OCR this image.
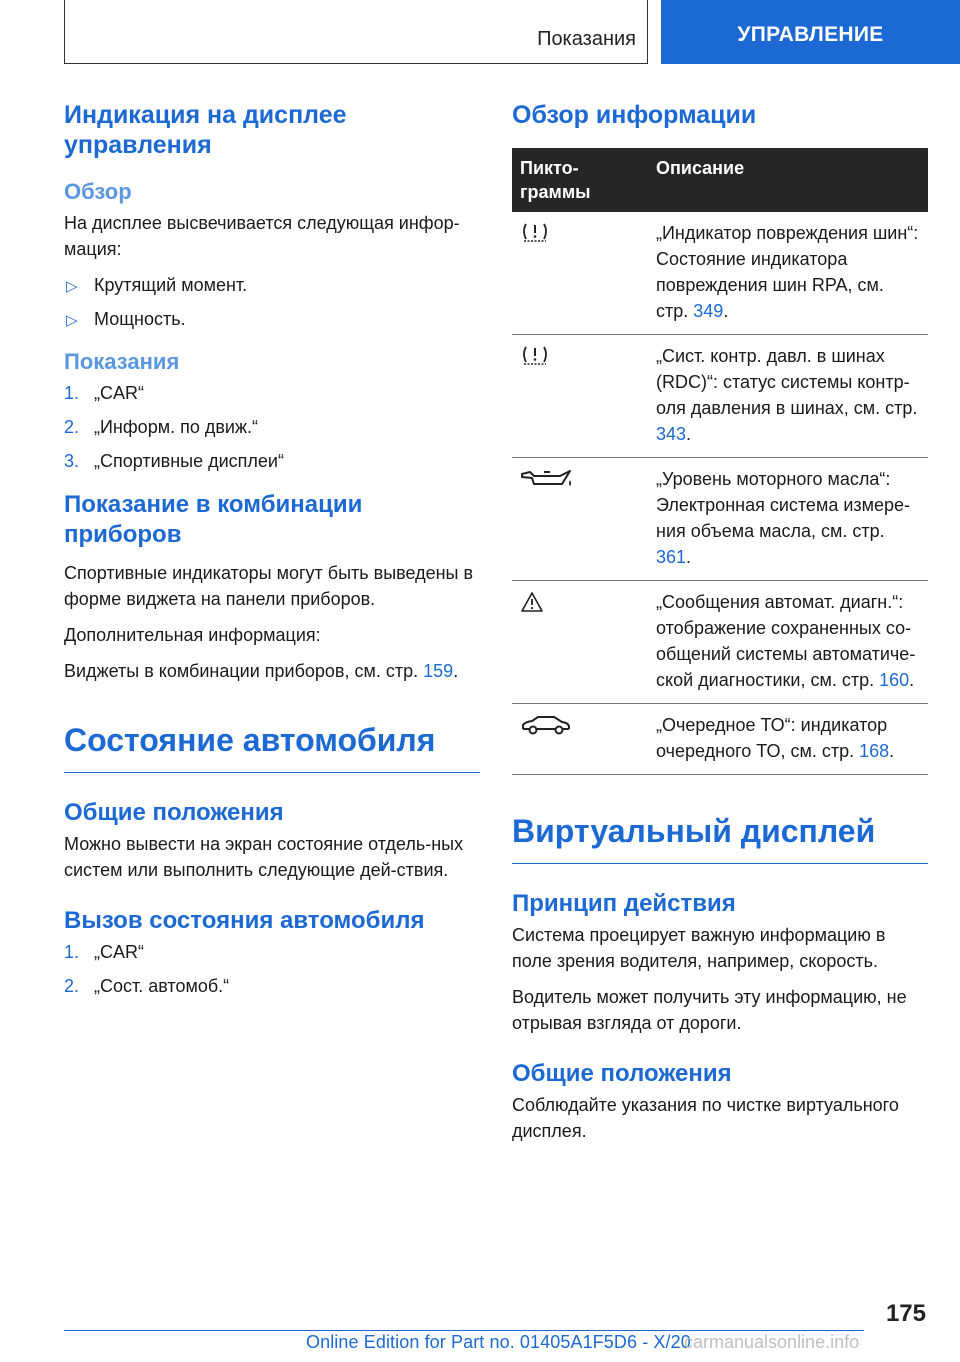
Показания	УПРАВЛЕНИЕ
Индикация на дисплее управления
Обзор

На дисплее высвечивается следующая инфор-мация:

▷ Крутящий момент.
▷ Мощность.
Показания
1. „CAR“
2. „Информ. по движ.“
3. „Спортивные дисплеи“
Показание в комбинации приборов

Спортивные индикаторы могут быть выведены в форме виджета на панели приборов.

Дополнительная информация:

Виджеты в комбинации приборов, см. стр. 159.

Состояние автомобиля
Общие положения

Можно вывести на экран состояние отдель-ных систем или выполнить следующие дей-ствия.

Вызов состояния автомобиля
1. „CAR“
2. „Сост. автомоб.“
Обзор информации
Пикто-граммы	Описание
	„Индикатор повреждения шин“: Состояние индикатора повреждения шин RPA, см. стр. 349.
	„Сист. контр. давл. в шинах (RDC)“: статус системы контр-оля давления в шинах, см. стр. 343.
	„Уровень моторного масла“: Электронная система измере-ния объема масла, см. стр. 361.
	„Сообщения автомат. диагн.“: отображение сохраненных со-общений системы автоматиче-ской диагностики, см. стр. 160.
	„Очередное ТО“: индикатор очередного ТО, см. стр. 168.
Виртуальный дисплей
Принцип действия

Система проецирует важную информацию в поле зрения водителя, например, скорость.

Водитель может получить эту информацию, не отрывая взгляда от дороги.

Общие положения

Соблюдайте указания по чистке виртуального дисплея.

175
Online Edition for Part no. 01405A1F5D6 - X/20
carmanualsonline.info
